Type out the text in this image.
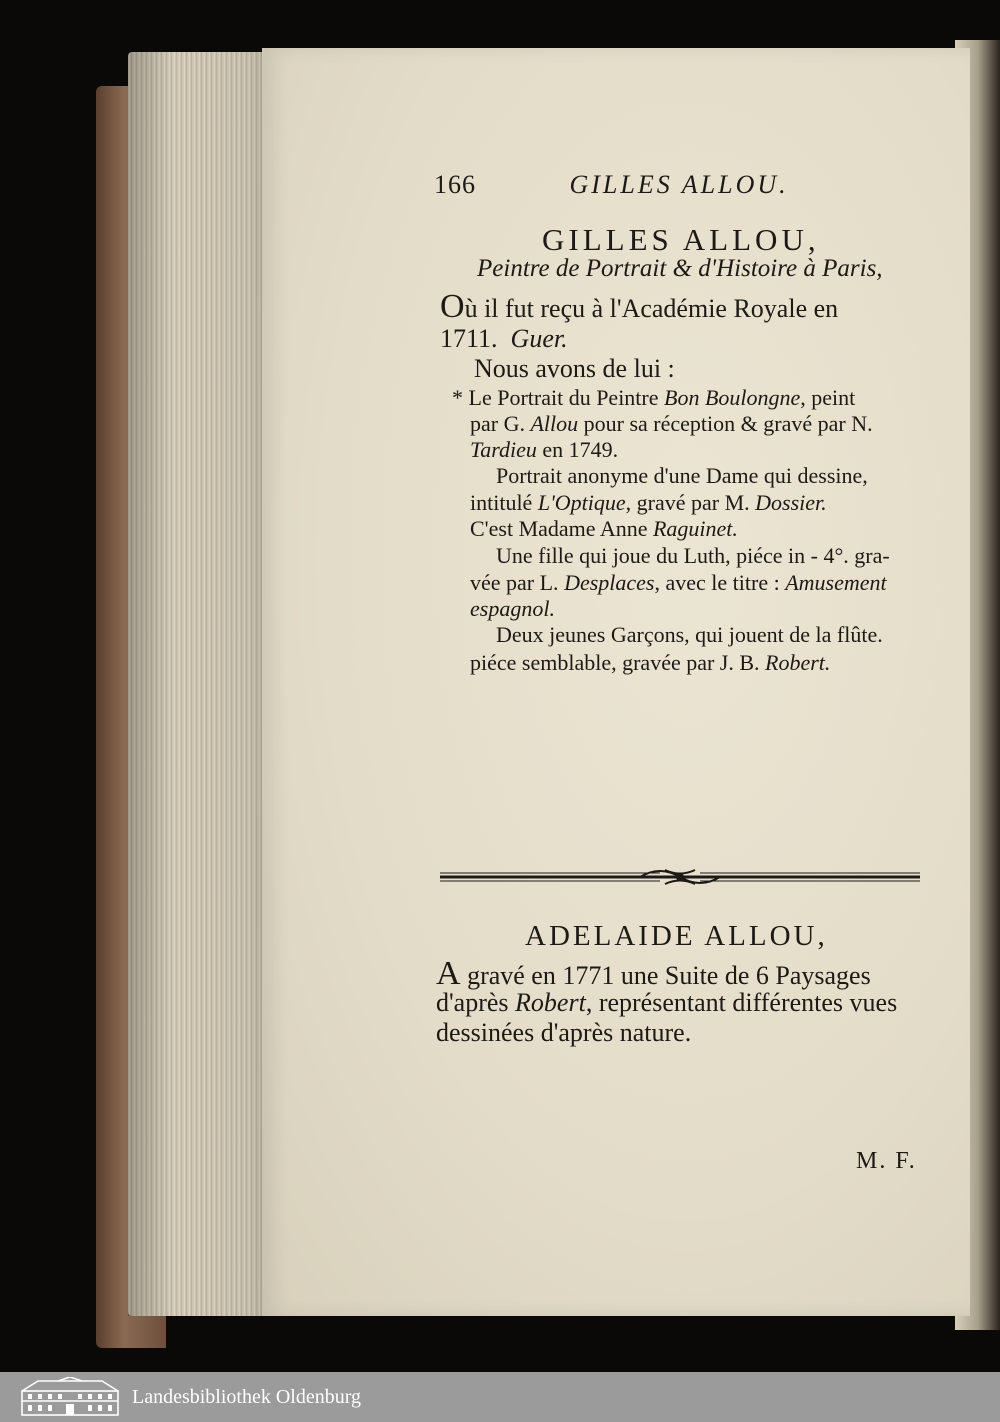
166	GILLES ALLOU.
GILLES ALLOU,
Peintre de Portrait & d'Histoire à Paris,
Où il fut reçu à l'Académie Royale en
1711. Guer.
Nous avons de lui :
* Le Portrait du Peintre Bon Boulongne, peint
par G. Allou pour sa réception & gravé par N.
Tardieu en 1749.
Portrait anonyme d'une Dame qui dessine,
intitulé L'Optique, gravé par M. Dossier.
C'est Madame Anne Raguinet.
Une fille qui joue du Luth, piéce in - 4°. gra-
vée par L. Desplaces, avec le titre : Amusement
espagnol.
Deux jeunes Garçons, qui jouent de la flûte.
piéce semblable, gravée par J. B. Robert.
ADELAIDE ALLOU,
A gravé en 1771 une Suite de 6 Paysages
d'après Robert, représentant différentes vues
dessinées d'après nature.
M. F.
Landesbibliothek Oldenburg
